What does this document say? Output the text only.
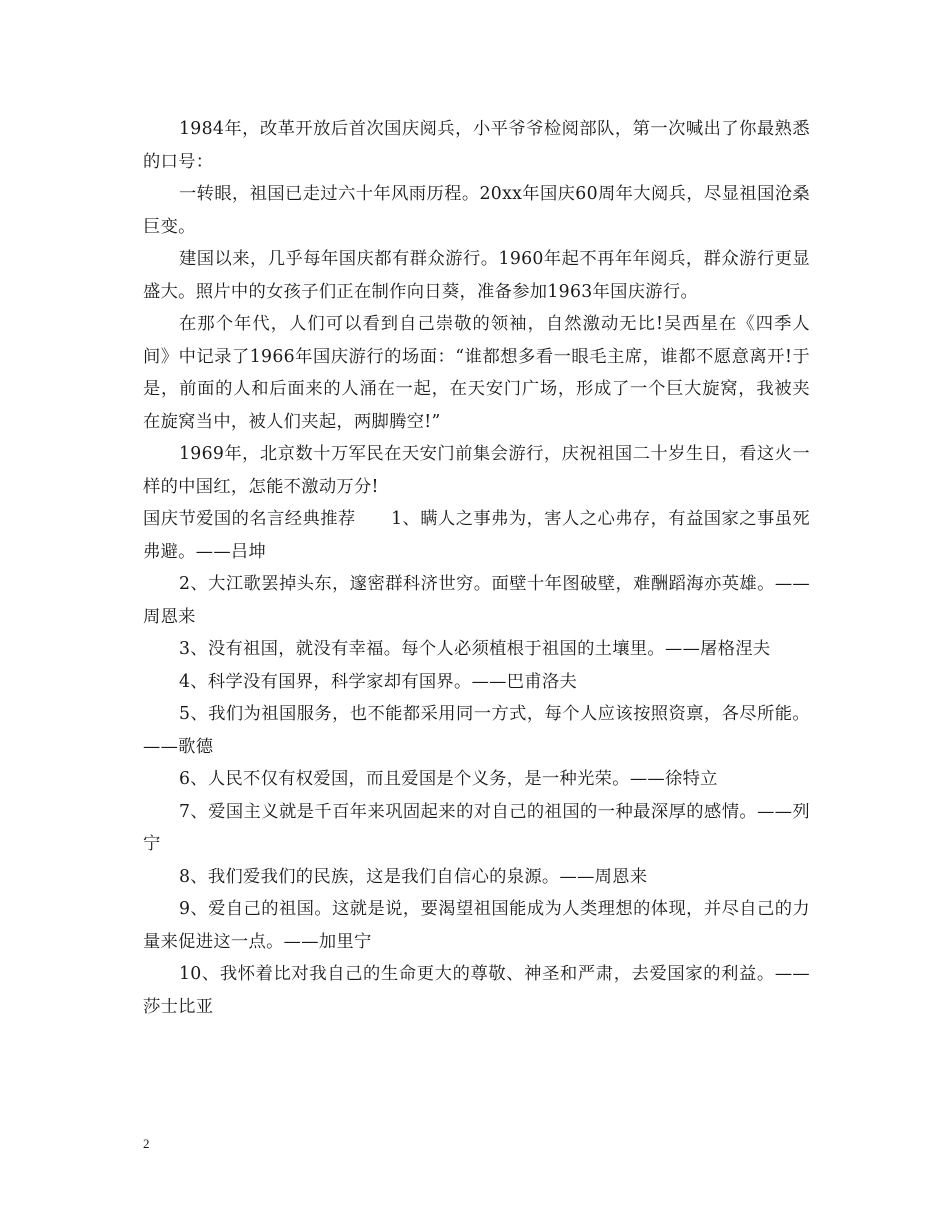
1984年，改革开放后首次国庆阅兵，小平爷爷检阅部队，第一次喊出了你最熟悉的口号：

一转眼，祖国已走过六十年风雨历程。20xx年国庆60周年大阅兵，尽显祖国沧桑巨变。

建国以来，几乎每年国庆都有群众游行。1960年起不再年年阅兵，群众游行更显盛大。照片中的女孩子们正在制作向日葵，准备参加1963年国庆游行。

在那个年代，人们可以看到自己崇敬的领袖，自然激动无比!吴西星在《四季人间》中记录了1966年国庆游行的场面：“谁都想多看一眼毛主席，谁都不愿意离开!于是，前面的人和后面来的人涌在一起，在天安门广场，形成了一个巨大旋窝，我被夹在旋窝当中，被人们夹起，两脚腾空!”

1969年，北京数十万军民在天安门前集会游行，庆祝祖国二十岁生日，看这火一样的中国红，怎能不激动万分!

国庆节爱国的名言经典推荐　　1、瞒人之事弗为，害人之心弗存，有益国家之事虽死弗避。——吕坤

2、大江歌罢掉头东，邃密群科济世穷。面壁十年图破壁，难酬蹈海亦英雄。——周恩来

3、没有祖国，就没有幸福。每个人必须植根于祖国的土壤里。——屠格涅夫

4、科学没有国界，科学家却有国界。——巴甫洛夫

5、我们为祖国服务，也不能都采用同一方式，每个人应该按照资禀，各尽所能。——歌德

6、人民不仅有权爱国，而且爱国是个义务，是一种光荣。——徐特立

7、爱国主义就是千百年来巩固起来的对自己的祖国的一种最深厚的感情。——列宁

8、我们爱我们的民族，这是我们自信心的泉源。——周恩来

9、爱自己的祖国。这就是说，要渴望祖国能成为人类理想的体现，并尽自己的力量来促进这一点。——加里宁

10、我怀着比对我自己的生命更大的尊敬、神圣和严肃，去爱国家的利益。——莎士比亚

2
